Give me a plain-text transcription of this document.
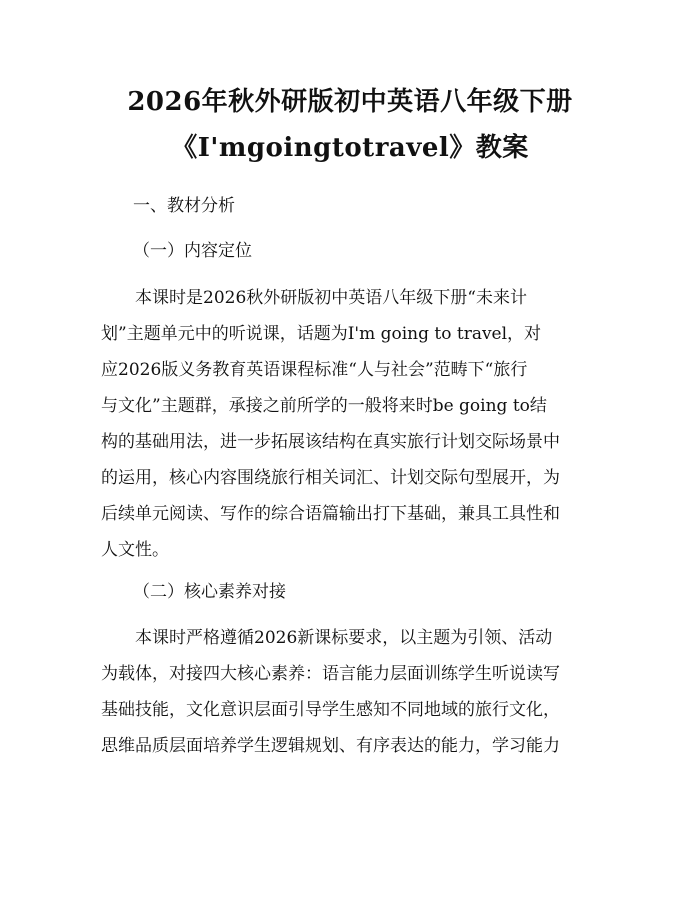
2026年秋外研版初中英语八年级下册
《I'mgoingtotravel》教案
一、教材分析
（一）内容定位
本课时是2026秋外研版初中英语八年级下册“未来计
划”主题单元中的听说课，话题为I'm going to travel，对
应2026版义务教育英语课程标准“人与社会”范畴下“旅行
与文化”主题群，承接之前所学的一般将来时be going to结
构的基础用法，进一步拓展该结构在真实旅行计划交际场景中
的运用，核心内容围绕旅行相关词汇、计划交际句型展开，为
后续单元阅读、写作的综合语篇输出打下基础，兼具工具性和
人文性。
（二）核心素养对接
本课时严格遵循2026新课标要求，以主题为引领、活动
为载体，对接四大核心素养：语言能力层面训练学生听说读写
基础技能，文化意识层面引导学生感知不同地域的旅行文化，
思维品质层面培养学生逻辑规划、有序表达的能力，学习能力
